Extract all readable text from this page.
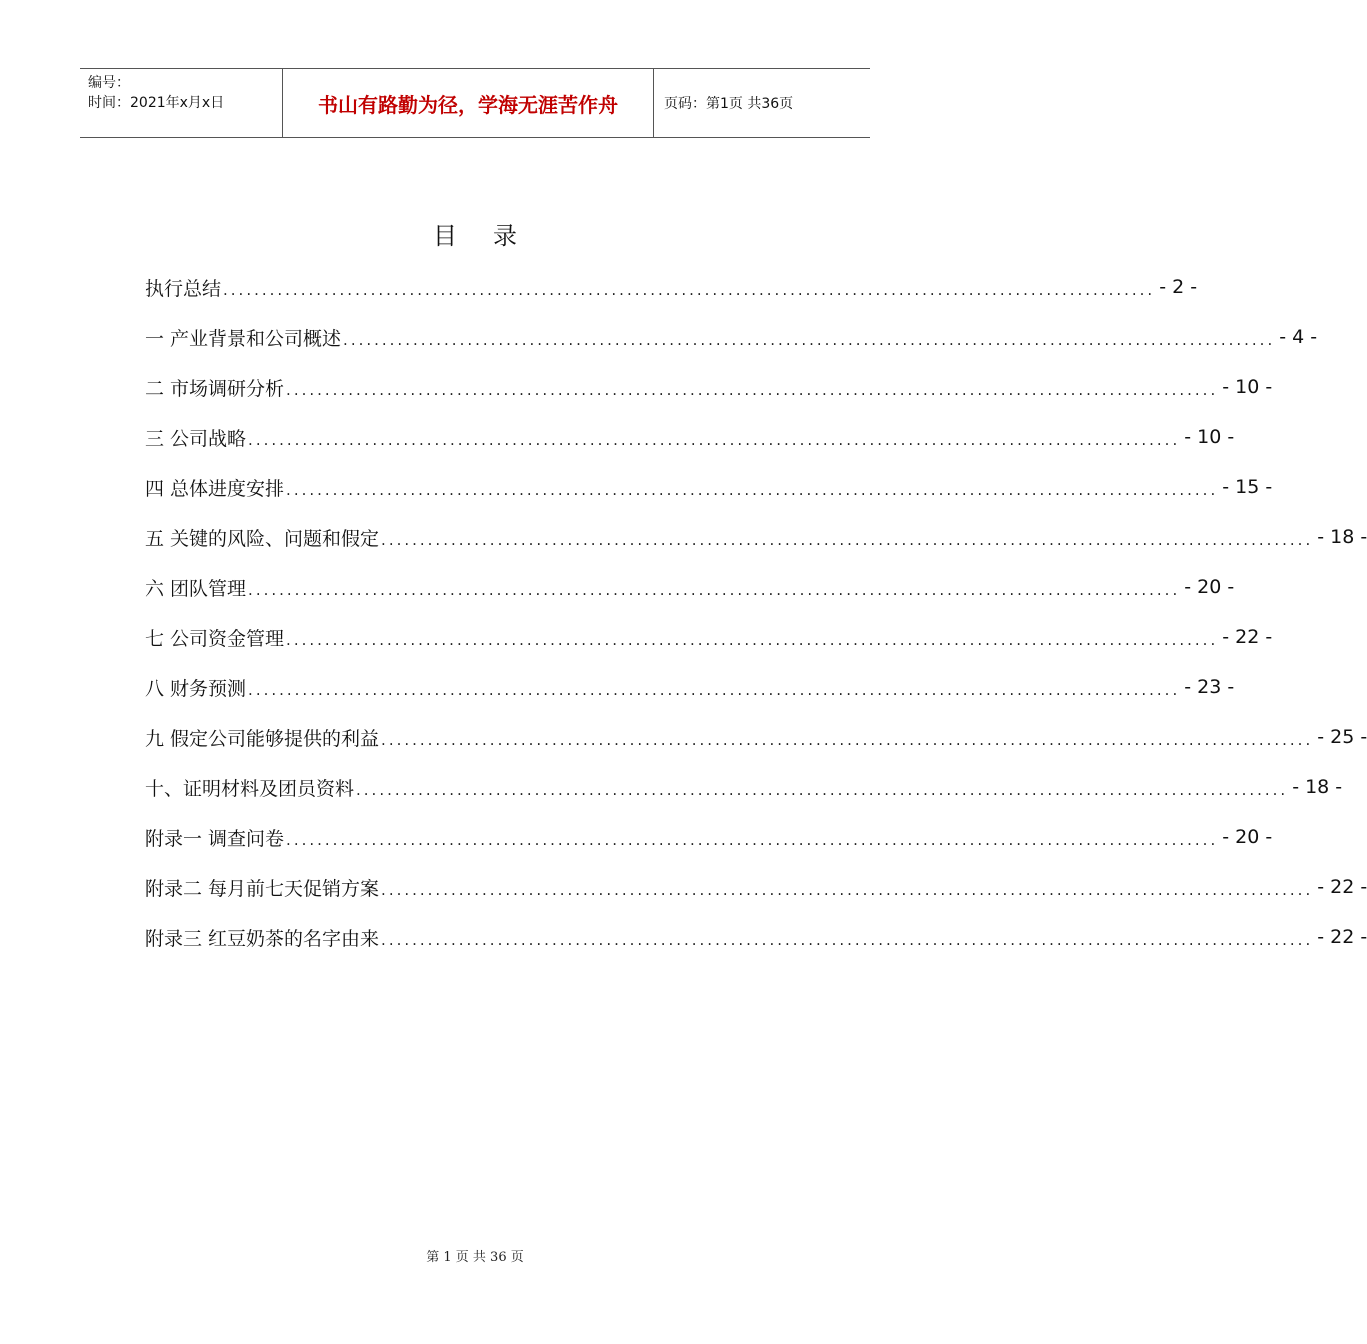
编号：
时间：2021年x月x日	书山有路勤为径，学海无涯苦作舟	页码：第1页 共36页
目录
执行总结 ........................................................................................................................ - 2 -
一 产业背景和公司概述 ........................................................................................................................ - 4 -
二 市场调研分析 ........................................................................................................................ - 10 -
三 公司战略 ........................................................................................................................ - 10 -
四 总体进度安排 ........................................................................................................................ - 15 -
五 关键的风险、问题和假定 ........................................................................................................................ - 18 -
六 团队管理 ........................................................................................................................ - 20 -
七 公司资金管理 ........................................................................................................................ - 22 -
八 财务预测 ........................................................................................................................ - 23 -
九 假定公司能够提供的利益 ........................................................................................................................ - 25 -
十、证明材料及团员资料 ........................................................................................................................ - 18 -
附录一 调查问卷 ........................................................................................................................ - 20 -
附录二 每月前七天促销方案 ........................................................................................................................ - 22 -
附录三 红豆奶茶的名字由来 ........................................................................................................................ - 22 -
第 1 页 共 36 页
